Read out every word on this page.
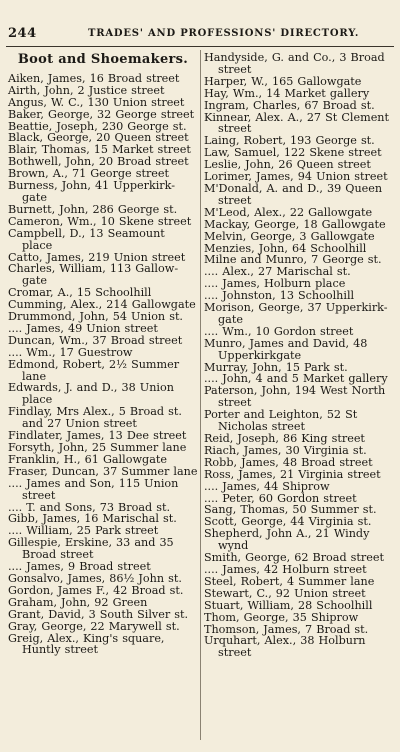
244	TRADES' AND PROFESSIONS' DIRECTORY.
Boot and Shoemakers.
Aiken, James, 16 Broad street
Airth, John, 2 Justice street
Angus, W. C., 130 Union street
Baker, George, 32 George street
Beattie, Joseph, 230 George st.
Black, George, 20 Queen street
Blair, Thomas, 15 Market street
Bothwell, John, 20 Broad street
Brown, A., 71 George street
Burness, John, 41 Upperkirk-gate
Burnett, John, 286 George st.
Cameron, Wm., 10 Skene street
Campbell, D., 13 Seamount place
Catto, James, 219 Union street
Charles, William, 113 Gallow-gate
Cromar, A., 15 Schoolhill
Cumming, Alex., 214 Gallowgate
Drummond, John, 54 Union st.
.... James, 49 Union street
Duncan, Wm., 37 Broad street
.... Wm., 17 Guestrow
Edmond, Robert, 2½ Summer lane
Edwards, J. and D., 38 Union place
Findlay, Mrs Alex., 5 Broad st. and 27 Union street
Findlater, James, 13 Dee street
Forsyth, John, 25 Summer lane
Franklin, H., 61 Gallowgate
Fraser, Duncan, 37 Summer lane
.... James and Son, 115 Union street
.... T. and Sons, 73 Broad st.
Gibb, James, 16 Marischal st.
.... William, 25 Park street
Gillespie, Erskine, 33 and 35 Broad street
.... James, 9 Broad street
Gonsalvo, James, 86½ John st.
Gordon, James F., 42 Broad st.
Graham, John, 92 Green
Grant, David, 3 South Silver st.
Gray, George, 22 Marywell st.
Greig, Alex., King's square, Huntly street
Handyside, G. and Co., 3 Broad street
Harper, W., 165 Gallowgate
Hay, Wm., 14 Market gallery
Ingram, Charles, 67 Broad st.
Kinnear, Alex. A., 27 St Clement street
Laing, Robert, 193 George st.
Law, Samuel, 122 Skene street
Leslie, John, 26 Queen street
Lorimer, James, 94 Union street
M'Donald, A. and D., 39 Queen street
M'Leod, Alex., 22 Gallowgate
Mackay, George, 18 Gallowgate
Melvin, George, 3 Gallowgate
Menzies, John, 64 Schoolhill
Milne and Munro, 7 George st.
.... Alex., 27 Marischal st.
.... James, Holburn place
.... Johnston, 13 Schoolhill
Morison, George, 37 Upperkirk-gate
.... Wm., 10 Gordon street
Munro, James and David, 48 Upperkirkgate
Murray, John, 15 Park st.
.... John, 4 and 5 Market gallery
Paterson, John, 194 West North street
Porter and Leighton, 52 St Nicholas street
Reid, Joseph, 86 King street
Riach, James, 30 Virginia st.
Robb, James, 48 Broad street
Ross, James, 21 Virginia street
.... James, 44 Shiprow
.... Peter, 60 Gordon street
Sang, Thomas, 50 Summer st.
Scott, George, 44 Virginia st.
Shepherd, John A., 21 Windy wynd
Smith, George, 62 Broad street
.... James, 42 Holburn street
Steel, Robert, 4 Summer lane
Stewart, C., 92 Union street
Stuart, William, 28 Schoolhill
Thom, George, 35 Shiprow
Thomson, James, 7 Broad st.
Urquhart, Alex., 38 Holburn street
